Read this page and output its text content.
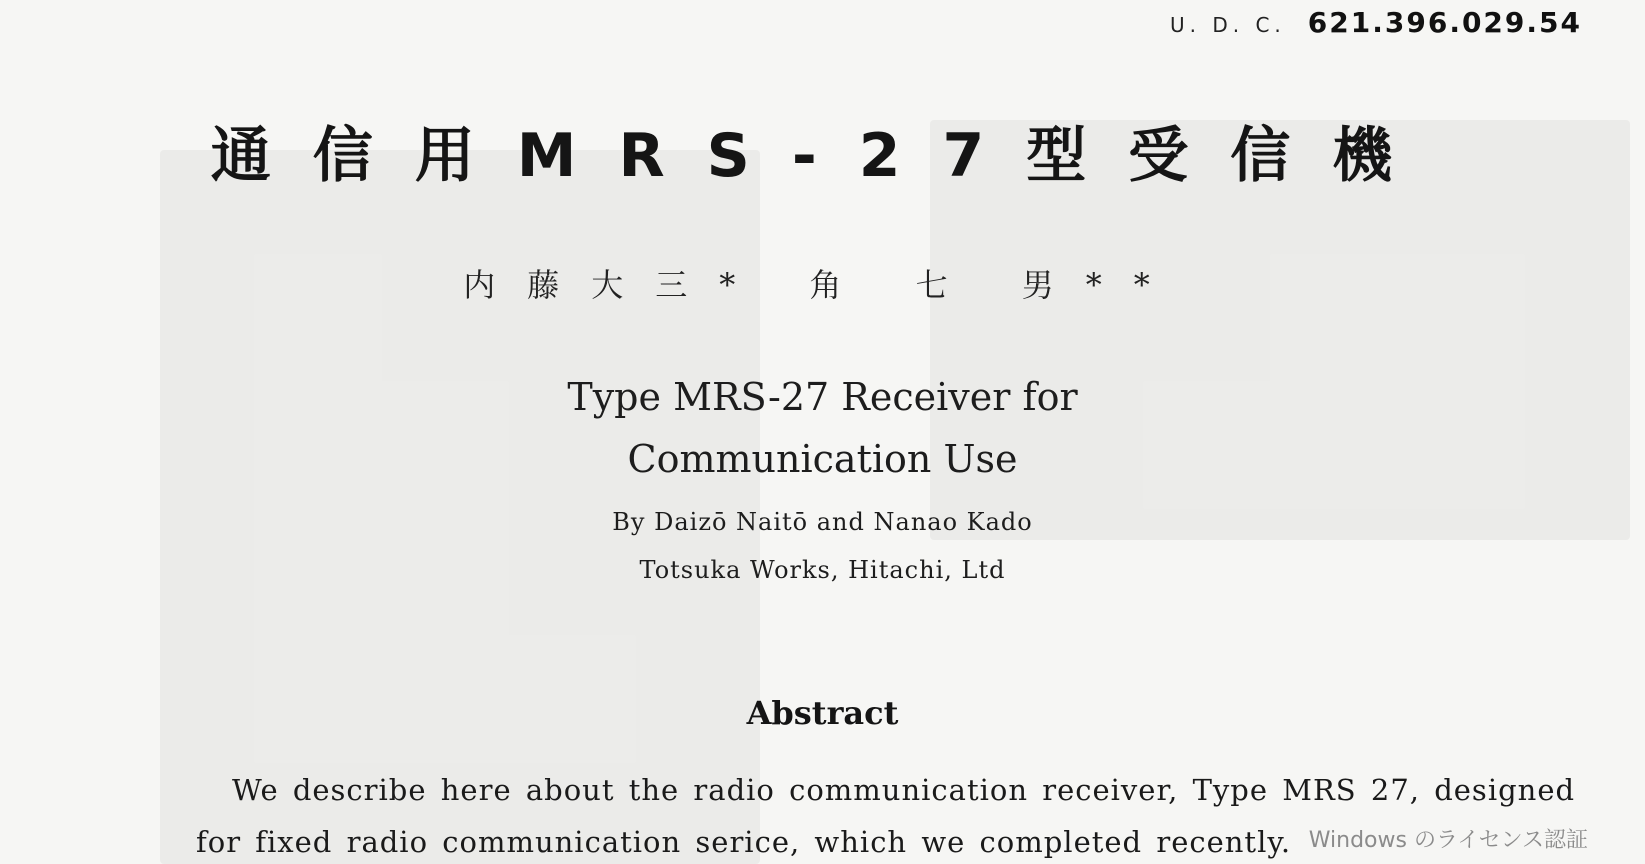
U. D. C. 621.396.029.54
通信用MRS-27型受信機
内藤大三* 角 七 男**
Type MRS-27 Receiver for
Communication Use
By Daizō Naitō and Nanao Kado
Totsuka Works, Hitachi, Ltd
Abstract
We describe here about the radio communication receiver, Type MRS 27, designed for fixed radio communication serice, which we completed recently. Windows のライセンス認証
